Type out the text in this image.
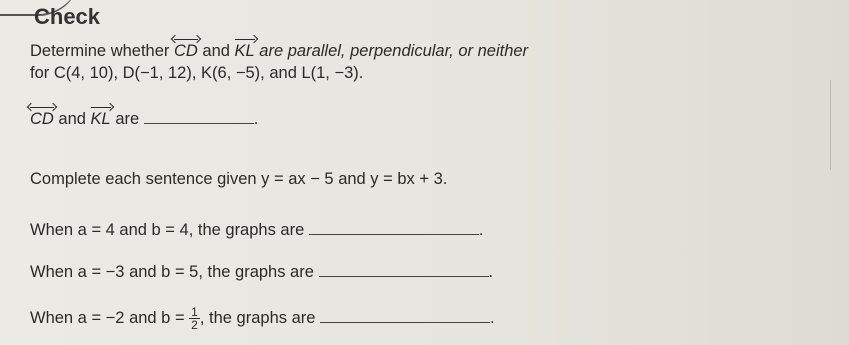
Check
Determine whether CD
and KL
are parallel, perpendicular, or neither
for C(4, 10), D(−1, 12), K(6, −5), and L(1, −3).
CD
and KL
are	.
Complete each sentence given y = ax − 5 and y = bx + 3.
When a = 4 and b = 4, the graphs are	.
When a = −3 and b = 5, the graphs are	.
When a = −2 and $b = \frac{1}{2}$ , the graphs are	.
